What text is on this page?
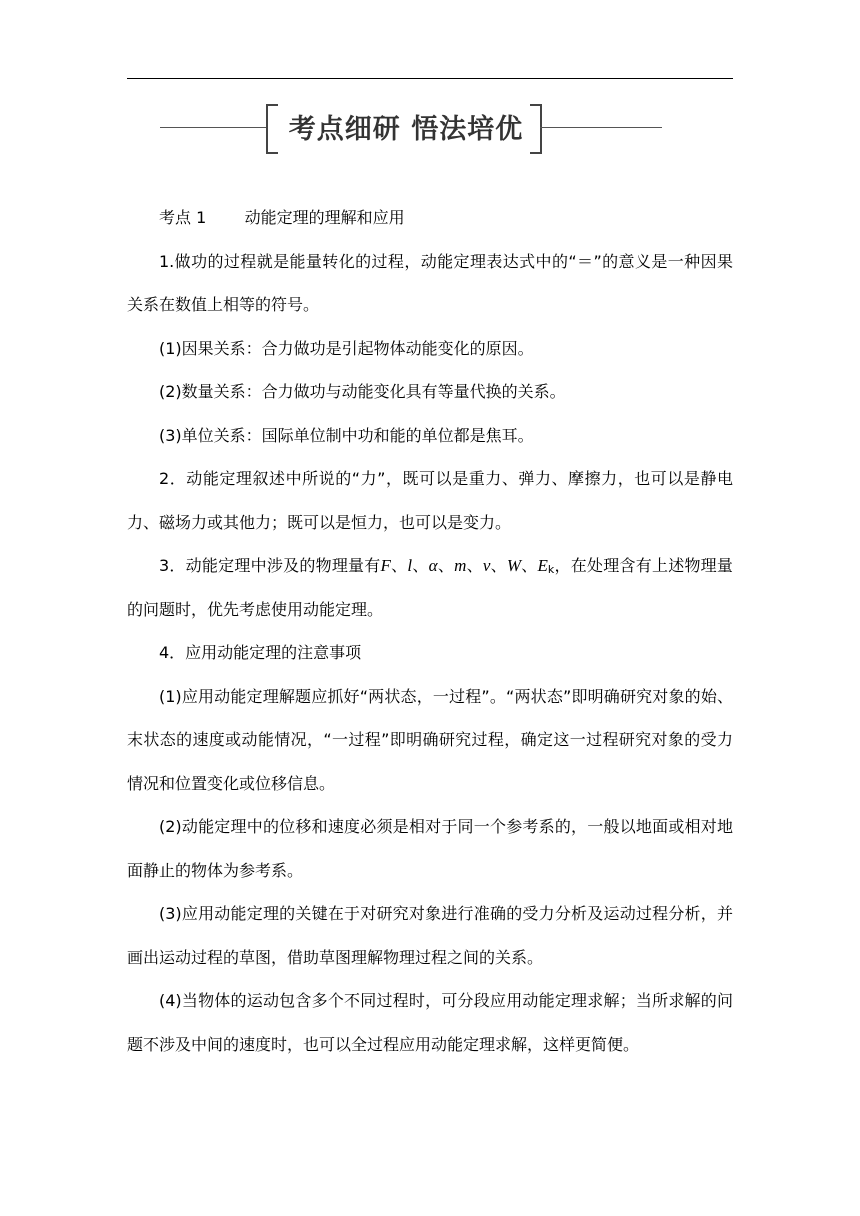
考点细研 悟法培优

考点 1 动能定理的理解和应用

1.做功的过程就是能量转化的过程，动能定理表达式中的“＝”的意义是一种因果关系在数值上相等的符号。

(1)因果关系：合力做功是引起物体动能变化的原因。

(2)数量关系：合力做功与动能变化具有等量代换的关系。

(3)单位关系：国际单位制中功和能的单位都是焦耳。

2．动能定理叙述中所说的“力”，既可以是重力、弹力、摩擦力，也可以是静电力、磁场力或其他力；既可以是恒力，也可以是变力。

3．动能定理中涉及的物理量有F、l、α、m、v、W、$E_k$，在处理含有上述物理量的问题时，优先考虑使用动能定理。

4．应用动能定理的注意事项

(1)应用动能定理解题应抓好“两状态，一过程”。“两状态”即明确研究对象的始、末状态的速度或动能情况，“一过程”即明确研究过程，确定这一过程研究对象的受力情况和位置变化或位移信息。

(2)动能定理中的位移和速度必须是相对于同一个参考系的，一般以地面或相对地面静止的物体为参考系。

(3)应用动能定理的关键在于对研究对象进行准确的受力分析及运动过程分析，并画出运动过程的草图，借助草图理解物理过程之间的关系。

(4)当物体的运动包含多个不同过程时，可分段应用动能定理求解；当所求解的问题不涉及中间的速度时，也可以全过程应用动能定理求解，这样更简便。
